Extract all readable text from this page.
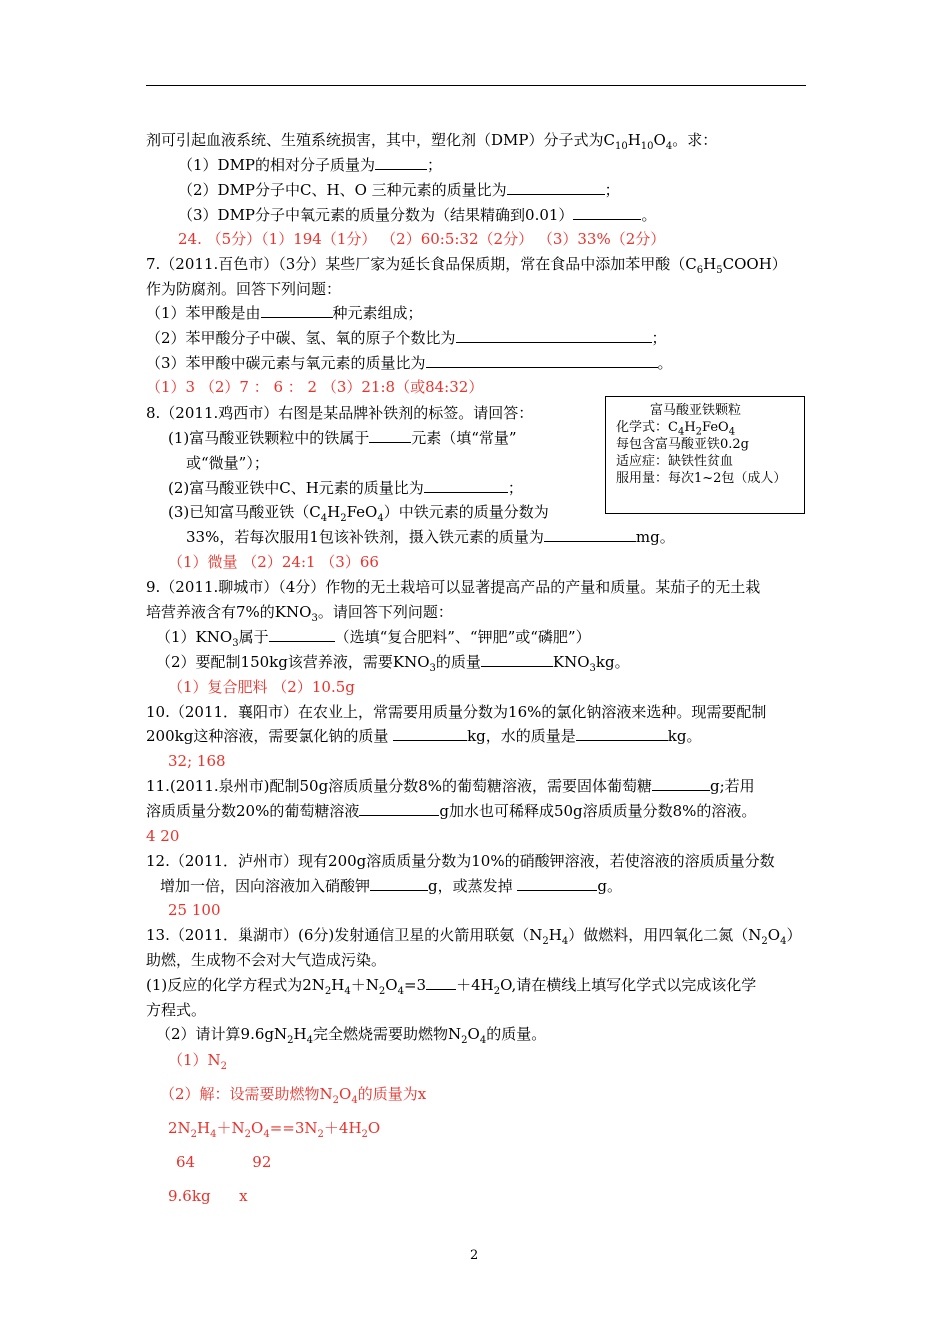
剂可引起血液系统、生殖系统损害，其中，塑化剂（DMP）分子式为$C_{10}H_{10}O_4$。求：
（1）DMP的相对分子质量为	；
（2）DMP分子中C、H、O 三种元素的质量比为	；
（3）DMP分子中氧元素的质量分数为（结果精确到0.01）	。
24. （5分）（1）194（1分） （2）60:5:32（2分） （3）33%（2分）
7.（2011.百色市）（3分）某些厂家为延长食品保质期，常在食品中添加苯甲酸$(C_6H_5COOH)$
作为防腐剂。回答下列问题：
（1）苯甲酸是由	种元素组成；
（2）苯甲酸分子中碳、氢、氧的原子个数比为	；
（3）苯甲酸中碳元素与氧元素的质量比为	。
（1）3 （2）7 ： 6 ： 2 （3）21:8（或84:32）
8.（2011.鸡西市）右图是某品牌补铁剂的标签。请回答：
(1)富马酸亚铁颗粒中的铁属于	元素（填“常量”
或“微量”）；
(2)富马酸亚铁中C、H元素的质量比为	；
(3)已知富马酸亚铁$(C_4H_2FeO_4)$中铁元素的质量分数为
33%，若每次服用1包该补铁剂，摄入铁元素的质量为	mg。
（1）微量 （2）24:1 （3）66
富马酸亚铁颗粒
化学式：$C_4H_2FeO_4$
每包含富马酸亚铁0.2g
适应症：缺铁性贫血
服用量：每次1~2包（成人）
9.（2011.聊城市）（4分）作物的无土栽培可以显著提高产品的产量和质量。某茄子的无土栽
培营养液含有7%的$KNO_3$。请回答下列问题：
$(1)KNO_3$属于	（选填“复合肥料”、“钾肥”或“磷肥”）
（2）要配制150kg该营养液，需要$KNO_3$的质量	$KNO_3kg$。
（1）复合肥料 （2）10.5g
10.（2011．襄阳市）在农业上，常需要用质量分数为16%的氯化钠溶液来选种。现需要配制
200kg这种溶液，需要氯化钠的质量	kg，水的质量是	kg。
32; 168
11.(2011.泉州市)配制50g溶质质量分数8%的葡萄糖溶液，需要固体葡萄糖	g;若用
溶质质量分数20%的葡萄糖溶液	g加水也可稀释成50g溶质质量分数8%的溶液。
4 20
12.（2011．泸州市）现有200g溶质质量分数为10%的硝酸钾溶液，若使溶液的溶质质量分数
增加一倍，因向溶液加入硝酸钾	g，或蒸发掉	g。
25 100
13.（2011．巢湖市）(6分)发射通信卫星的火箭用联氨$(N_2H_4)$做燃料，用四氧化二氮$(N_2O_4)$
助燃，生成物不会对大气造成污染。
(1)反应的化学方程式为$2N_2H_4+N_2O_4=3 +4H_2O$,请在横线上填写化学式以完成该化学
方程式。
（2）请计算$9.6gN_2H_4$完全燃烧需要助燃物$N_2O_4$的质量。
$(1)N_2$
（2）解：设需要助燃物$N_2O_4$的质量为x
$2N_2H_4+N_2O_4==3N_2+4H_2O$
64            92
9.6kg      x
2
